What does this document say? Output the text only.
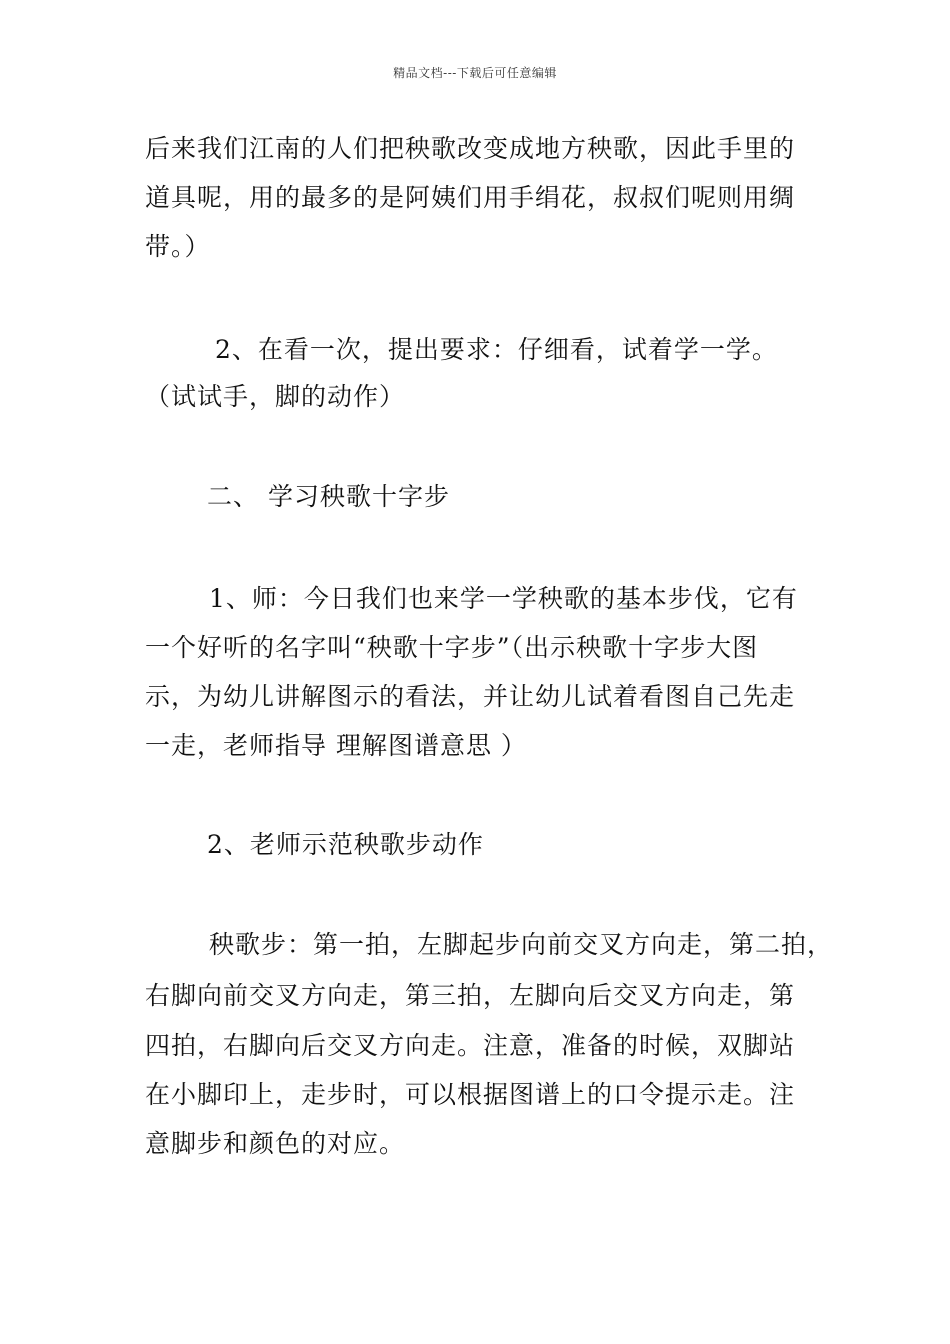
精品文档---下载后可任意编辑
后来我们江南的人们把秧歌改变成地方秧歌，因此手里的
道具呢，用的最多的是阿姨们用手绢花，叔叔们呢则用绸
带。）
2、在看一次，提出要求：仔细看，试着学一学。
（试试手，脚的动作）
二、 学习秧歌十字步
1、师：今日我们也来学一学秧歌的基本步伐，它有
一个好听的名字叫“秧歌十字步”（出示秧歌十字步大图
示，为幼儿讲解图示的看法，并让幼儿试着看图自己先走
一走，老师指导 理解图谱意思 ）
2、老师示范秧歌步动作
秧歌步：第一拍，左脚起步向前交叉方向走，第二拍，
右脚向前交叉方向走，第三拍，左脚向后交叉方向走，第
四拍，右脚向后交叉方向走。注意，准备的时候，双脚站
在小脚印上，走步时，可以根据图谱上的口令提示走。注
意脚步和颜色的对应。
